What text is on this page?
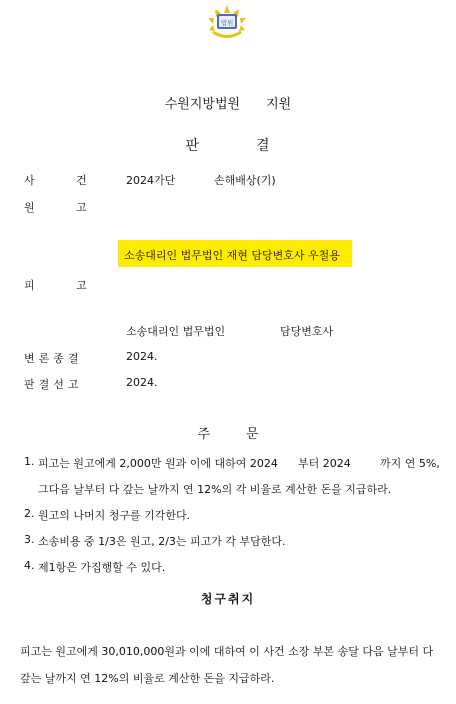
법원
수원지방법원 지원
판	결
사 건	2024가단	손해배상(기)
원 고
소송대리인 법무법인 재현 담당변호사 우철용
피 고
소송대리인 법무법인	담당변호사
변론종결	2024.
판결선고	2024.
주	문
1. 피고는 원고에게 2,000만 원과 이에 대하여 2024 부터 2024	까지 연 5%,
그다음 날부터 다 갚는 날까지 연 12%의 각 비율로 계산한 돈을 지급하라.
2. 원고의 나머지 청구를 기각한다.
3. 소송비용 중 1/3은 원고, 2/3는 피고가 각 부담한다.
4. 제1항은 가집행할 수 있다.
청구취지
피고는 원고에게 30,010,000원과 이에 대하여 이 사건 소장 부본 송달 다음 날부터 다
갚는 날까지 연 12%의 비율로 계산한 돈을 지급하라.
